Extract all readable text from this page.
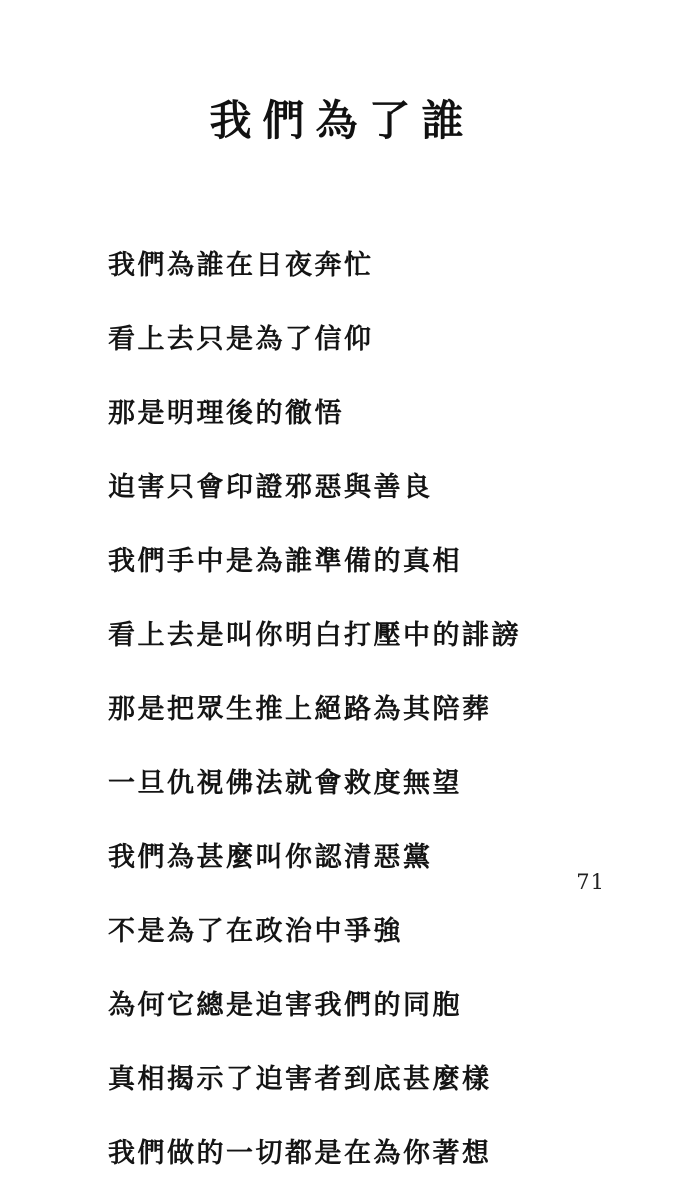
我們為了誰

我們為誰在日夜奔忙

看上去只是為了信仰

那是明理後的徹悟

迫害只會印證邪惡與善良

我們手中是為誰準備的真相

看上去是叫你明白打壓中的誹謗

那是把眾生推上絕路為其陪葬

一旦仇視佛法就會救度無望

我們為甚麼叫你認清惡黨

不是為了在政治中爭強

為何它總是迫害我們的同胞

真相揭示了迫害者到底甚麼樣

我們做的一切都是在為你著想

71
